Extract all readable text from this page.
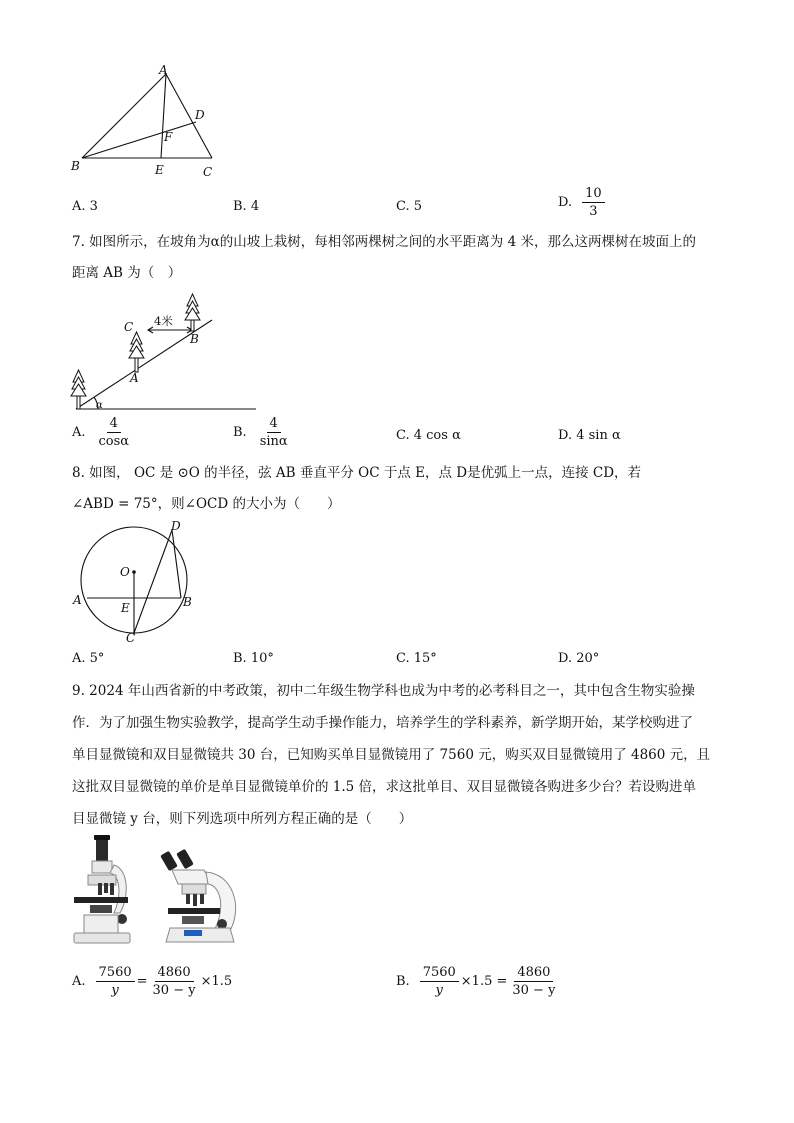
A
B	C
D
E
F
A. 3	B. 4	C. 5	D. $\frac{10}{3}$
7. 如图所示，在坡角为α的山坡上栽树，每相邻两棵树之间的水平距离为 4 米，那么这两棵树在坡面上的
距离 AB 为（　）
C
A
B
α
4米
A. $\frac{4}{\cos\alpha}$	B. $\frac{4}{\sin\alpha}$	C. 4 cos α	D. 4 sin α
8. 如图， OC 是 ⊙O 的半径，弦 AB 垂直平分 OC 于点 E，点 D是优弧上一点，连接 CD，若
∠ABD = 75°，则∠OCD 的大小为（　　）
O
D
A
E	B
C
A. 5°	B. 10°	C. 15°	D. 20°
9. 2024 年山西省新的中考政策，初中二年级生物学科也成为中考的必考科目之一，其中包含生物实验操
作．为了加强生物实验教学，提高学生动手操作能力，培养学生的学科素养，新学期开始，某学校购进了
单目显微镜和双目显微镜共 30 台，已知购买单目显微镜用了 7560 元，购买双目显微镜用了 4860 元，且
这批双目显微镜的单价是单目显微镜单价的 1.5 倍，求这批单目、双目显微镜各购进多少台？若设购进单
目显微镜 y 台，则下列选项中所列方程正确的是（　　）
A. $\frac{7560}{y} = \frac{4860}{30 - y} \times 1.5$	B. $\frac{7560}{y} \times 1.5 = \frac{4860}{30 - y}$
